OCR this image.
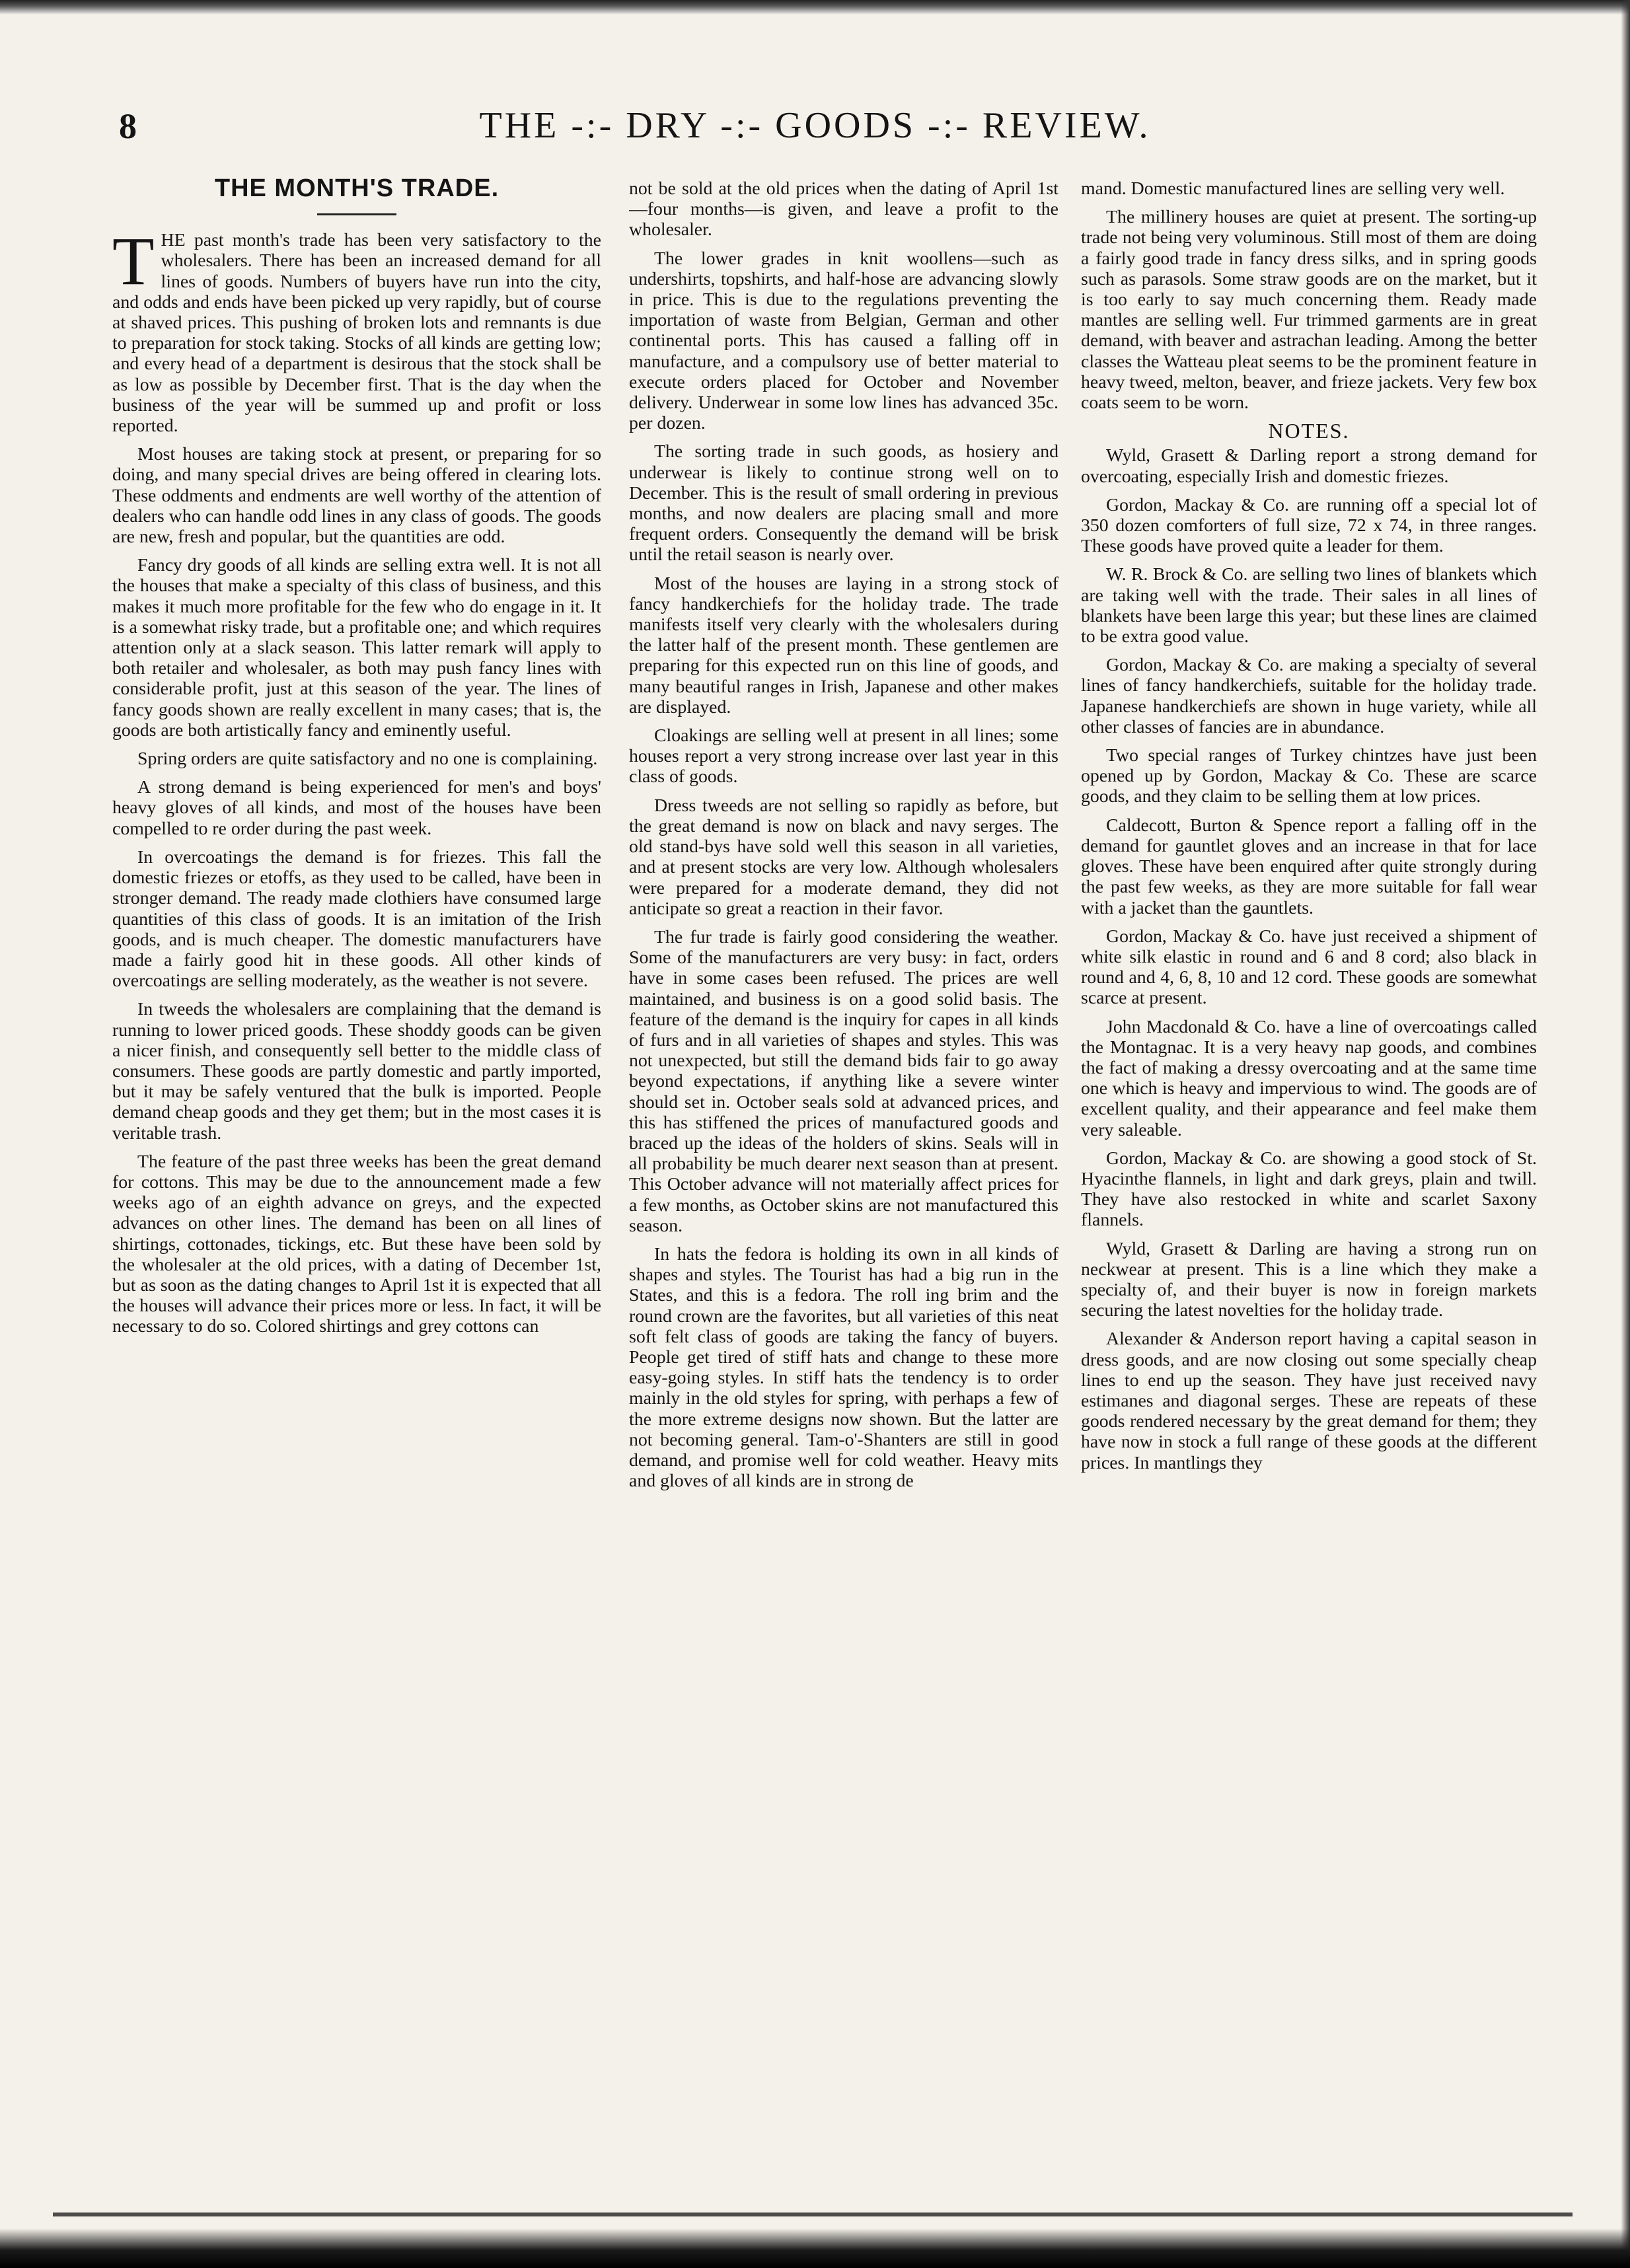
8	THE -:- DRY -:- GOODS -:- REVIEW.
THE MONTH'S TRADE.

THE past month's trade has been very satisfactory to the wholesalers. There has been an increased demand for all lines of goods. Numbers of buyers have run into the city, and odds and ends have been picked up very rapidly, but of course at shaved prices. This pushing of broken lots and remnants is due to preparation for stock taking. Stocks of all kinds are getting low; and every head of a department is desirous that the stock shall be as low as possible by December first. That is the day when the business of the year will be summed up and profit or loss reported.

Most houses are taking stock at present, or preparing for so doing, and many special drives are being offered in clearing lots. These oddments and endments are well worthy of the attention of dealers who can handle odd lines in any class of goods. The goods are new, fresh and popular, but the quantities are odd.

Fancy dry goods of all kinds are selling extra well. It is not all the houses that make a specialty of this class of business, and this makes it much more profitable for the few who do engage in it. It is a somewhat risky trade, but a profitable one; and which requires attention only at a slack season. This latter remark will apply to both retailer and wholesaler, as both may push fancy lines with considerable profit, just at this season of the year. The lines of fancy goods shown are really excellent in many cases; that is, the goods are both artistically fancy and eminently useful.

Spring orders are quite satisfactory and no one is complaining.

A strong demand is being experienced for men's and boys' heavy gloves of all kinds, and most of the houses have been compelled to re order during the past week.

In overcoatings the demand is for friezes. This fall the domestic friezes or etoffs, as they used to be called, have been in stronger demand. The ready made clothiers have consumed large quantities of this class of goods. It is an imitation of the Irish goods, and is much cheaper. The domestic manufacturers have made a fairly good hit in these goods. All other kinds of overcoatings are selling moderately, as the weather is not severe.

In tweeds the wholesalers are complaining that the demand is running to lower priced goods. These shoddy goods can be given a nicer finish, and consequently sell better to the middle class of consumers. These goods are partly domestic and partly imported, but it may be safely ventured that the bulk is imported. People demand cheap goods and they get them; but in the most cases it is veritable trash.

The feature of the past three weeks has been the great demand for cottons. This may be due to the announcement made a few weeks ago of an eighth advance on greys, and the expected advances on other lines. The demand has been on all lines of shirtings, cottonades, tickings, etc. But these have been sold by the wholesaler at the old prices, with a dating of December 1st, but as soon as the dating changes to April 1st it is expected that all the houses will advance their prices more or less. In fact, it will be necessary to do so. Colored shirtings and grey cottons can

not be sold at the old prices when the dating of April 1st—four months—is given, and leave a profit to the wholesaler.

The lower grades in knit woollens—such as undershirts, topshirts, and half-hose are advancing slowly in price. This is due to the regulations preventing the importation of waste from Belgian, German and other continental ports. This has caused a falling off in manufacture, and a compulsory use of better material to execute orders placed for October and November delivery. Underwear in some low lines has advanced 35c. per dozen.

The sorting trade in such goods, as hosiery and underwear is likely to continue strong well on to December. This is the result of small ordering in previous months, and now dealers are placing small and more frequent orders. Consequently the demand will be brisk until the retail season is nearly over.

Most of the houses are laying in a strong stock of fancy handkerchiefs for the holiday trade. The trade manifests itself very clearly with the wholesalers during the latter half of the present month. These gentlemen are preparing for this expected run on this line of goods, and many beautiful ranges in Irish, Japanese and other makes are displayed.

Cloakings are selling well at present in all lines; some houses report a very strong increase over last year in this class of goods.

Dress tweeds are not selling so rapidly as before, but the great demand is now on black and navy serges. The old stand-bys have sold well this season in all varieties, and at present stocks are very low. Although wholesalers were prepared for a moderate demand, they did not anticipate so great a reaction in their favor.

The fur trade is fairly good considering the weather. Some of the manufacturers are very busy: in fact, orders have in some cases been refused. The prices are well maintained, and business is on a good solid basis. The feature of the demand is the inquiry for capes in all kinds of furs and in all varieties of shapes and styles. This was not unexpected, but still the demand bids fair to go away beyond expectations, if anything like a severe winter should set in. October seals sold at advanced prices, and this has stiffened the prices of manufactured goods and braced up the ideas of the holders of skins. Seals will in all probability be much dearer next season than at present. This October advance will not materially affect prices for a few months, as October skins are not manufactured this season.

In hats the fedora is holding its own in all kinds of shapes and styles. The Tourist has had a big run in the States, and this is a fedora. The roll ing brim and the round crown are the favorites, but all varieties of this neat soft felt class of goods are taking the fancy of buyers. People get tired of stiff hats and change to these more easy-going styles. In stiff hats the tendency is to order mainly in the old styles for spring, with perhaps a few of the more extreme designs now shown. But the latter are not becoming general. Tam-o'-Shanters are still in good demand, and promise well for cold weather. Heavy mits and gloves of all kinds are in strong de

mand. Domestic manufactured lines are selling very well.

The millinery houses are quiet at present. The sorting-up trade not being very voluminous. Still most of them are doing a fairly good trade in fancy dress silks, and in spring goods such as parasols. Some straw goods are on the market, but it is too early to say much concerning them. Ready made mantles are selling well. Fur trimmed garments are in great demand, with beaver and astrachan leading. Among the better classes the Watteau pleat seems to be the prominent feature in heavy tweed, melton, beaver, and frieze jackets. Very few box coats seem to be worn.

NOTES.

Wyld, Grasett & Darling report a strong demand for overcoating, especially Irish and domestic friezes.

Gordon, Mackay & Co. are running off a special lot of 350 dozen comforters of full size, 72 x 74, in three ranges. These goods have proved quite a leader for them.

W. R. Brock & Co. are selling two lines of blankets which are taking well with the trade. Their sales in all lines of blankets have been large this year; but these lines are claimed to be extra good value.

Gordon, Mackay & Co. are making a specialty of several lines of fancy handkerchiefs, suitable for the holiday trade. Japanese handkerchiefs are shown in huge variety, while all other classes of fancies are in abundance.

Two special ranges of Turkey chintzes have just been opened up by Gordon, Mackay & Co. These are scarce goods, and they claim to be selling them at low prices.

Caldecott, Burton & Spence report a falling off in the demand for gauntlet gloves and an increase in that for lace gloves. These have been enquired after quite strongly during the past few weeks, as they are more suitable for fall wear with a jacket than the gauntlets.

Gordon, Mackay & Co. have just received a shipment of white silk elastic in round and 6 and 8 cord; also black in round and 4, 6, 8, 10 and 12 cord. These goods are somewhat scarce at present.

John Macdonald & Co. have a line of overcoatings called the Montagnac. It is a very heavy nap goods, and combines the fact of making a dressy overcoating and at the same time one which is heavy and impervious to wind. The goods are of excellent quality, and their appearance and feel make them very saleable.

Gordon, Mackay & Co. are showing a good stock of St. Hyacinthe flannels, in light and dark greys, plain and twill. They have also restocked in white and scarlet Saxony flannels.

Wyld, Grasett & Darling are having a strong run on neckwear at present. This is a line which they make a specialty of, and their buyer is now in foreign markets securing the latest novelties for the holiday trade.

Alexander & Anderson report having a capital season in dress goods, and are now closing out some specially cheap lines to end up the season. They have just received navy estimanes and diagonal serges. These are repeats of these goods rendered necessary by the great demand for them; they have now in stock a full range of these goods at the different prices. In mantlings they
